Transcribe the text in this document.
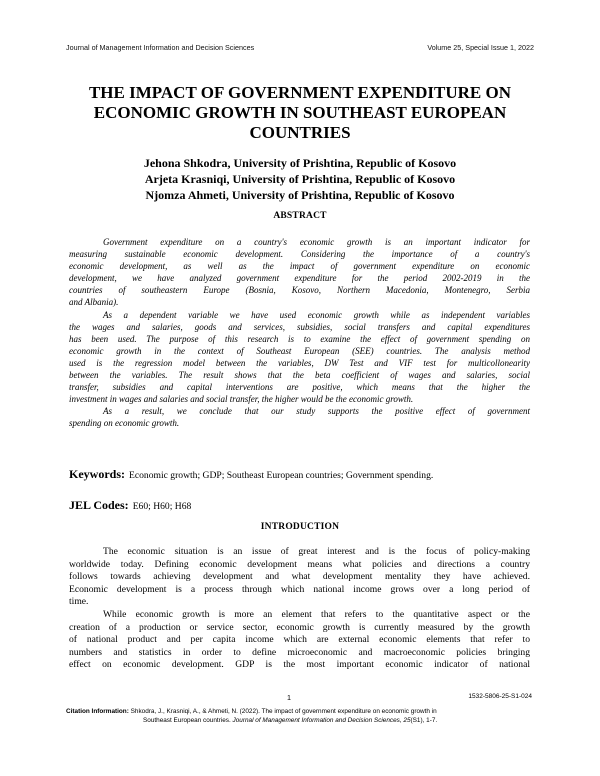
Journal of Management Information and Decision Sciences	Volume 25, Special Issue 1, 2022
THE IMPACT OF GOVERNMENT EXPENDITURE ON
ECONOMIC GROWTH IN SOUTHEAST EUROPEAN
COUNTRIES
Jehona Shkodra, University of Prishtina, Republic of Kosovo
Arjeta Krasniqi, University of Prishtina, Republic of Kosovo
Njomza Ahmeti, University of Prishtina, Republic of Kosovo
ABSTRACT
Government expenditure on a country's economic growth is an important indicator for
measuring sustainable economic development. Considering the importance of a country's
economic development, as well as the impact of government expenditure on economic
development, we have analyzed government expenditure for the period 2002-2019 in the
countries of southeastern Europe (Bosnia, Kosovo, Northern Macedonia, Montenegro, Serbia
and Albania).
As a dependent variable we have used economic growth while as independent variables
the wages and salaries, goods and services, subsidies, social transfers and capital expenditures
has been used. The purpose of this research is to examine the effect of government spending on
economic growth in the context of Southeast European (SEE) countries. The analysis method
used is the regression model between the variables, DW Test and VIF test for multicollonearity
between the variables. The result shows that the beta coefficient of wages and salaries, social
transfer, subsidies and capital interventions are positive, which means that the higher the
investment in wages and salaries and social transfer, the higher would be the economic growth.
As a result, we conclude that our study supports the positive effect of government
spending on economic growth.
Keywords: Economic growth; GDP; Southeast European countries; Government spending.
JEL Codes: E60; H60; H68
INTRODUCTION
The economic situation is an issue of great interest and is the focus of policy-making
worldwide today. Defining economic development means what policies and directions a country
follows towards achieving development and what development mentality they have achieved.
Economic development is a process through which national income grows over a long period of
time.
While economic growth is more an element that refers to the quantitative aspect or the
creation of a production or service sector, economic growth is currently measured by the growth
of national product and per capita income which are external economic elements that refer to
numbers and statistics in order to define microeconomic and macroeconomic policies bringing
effect on economic development. GDP is the most important economic indicator of national
1	1532-5806-25-S1-024
Citation Information: Shkodra, J., Krasniqi, A., & Ahmeti, N. (2022). The impact of government expenditure on economic growth in
Southeast European countries. Journal of Management Information and Decision Sciences, 25(S1), 1-7.
